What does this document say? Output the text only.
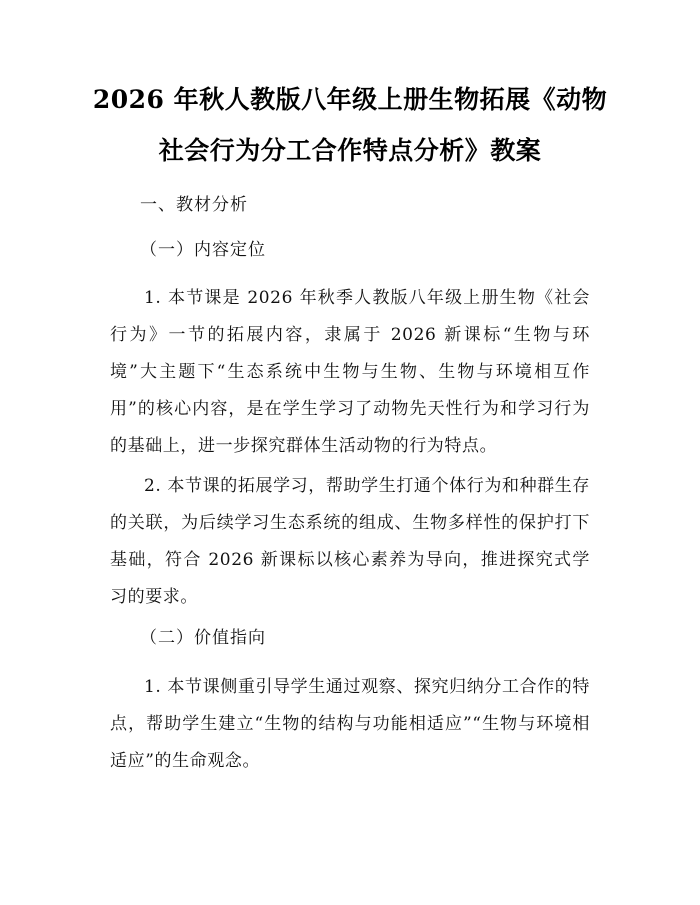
2026 年秋人教版八年级上册生物拓展《动物
社会行为分工合作特点分析》教案
一、教材分析
（一）内容定位

1. 本节课是 2026 年秋季人教版八年级上册生物《社会行为》一节的拓展内容，隶属于 2026 新课标“生物与环境”大主题下“生态系统中生物与生物、生物与环境相互作用”的核心内容，是在学生学习了动物先天性行为和学习行为的基础上，进一步探究群体生活动物的行为特点。

2. 本节课的拓展学习，帮助学生打通个体行为和种群生存的关联，为后续学习生态系统的组成、生物多样性的保护打下基础，符合 2026 新课标以核心素养为导向，推进探究式学习的要求。

（二）价值指向

1. 本节课侧重引导学生通过观察、探究归纳分工合作的特点，帮助学生建立“生物的结构与功能相适应”“生物与环境相适应”的生命观念。
